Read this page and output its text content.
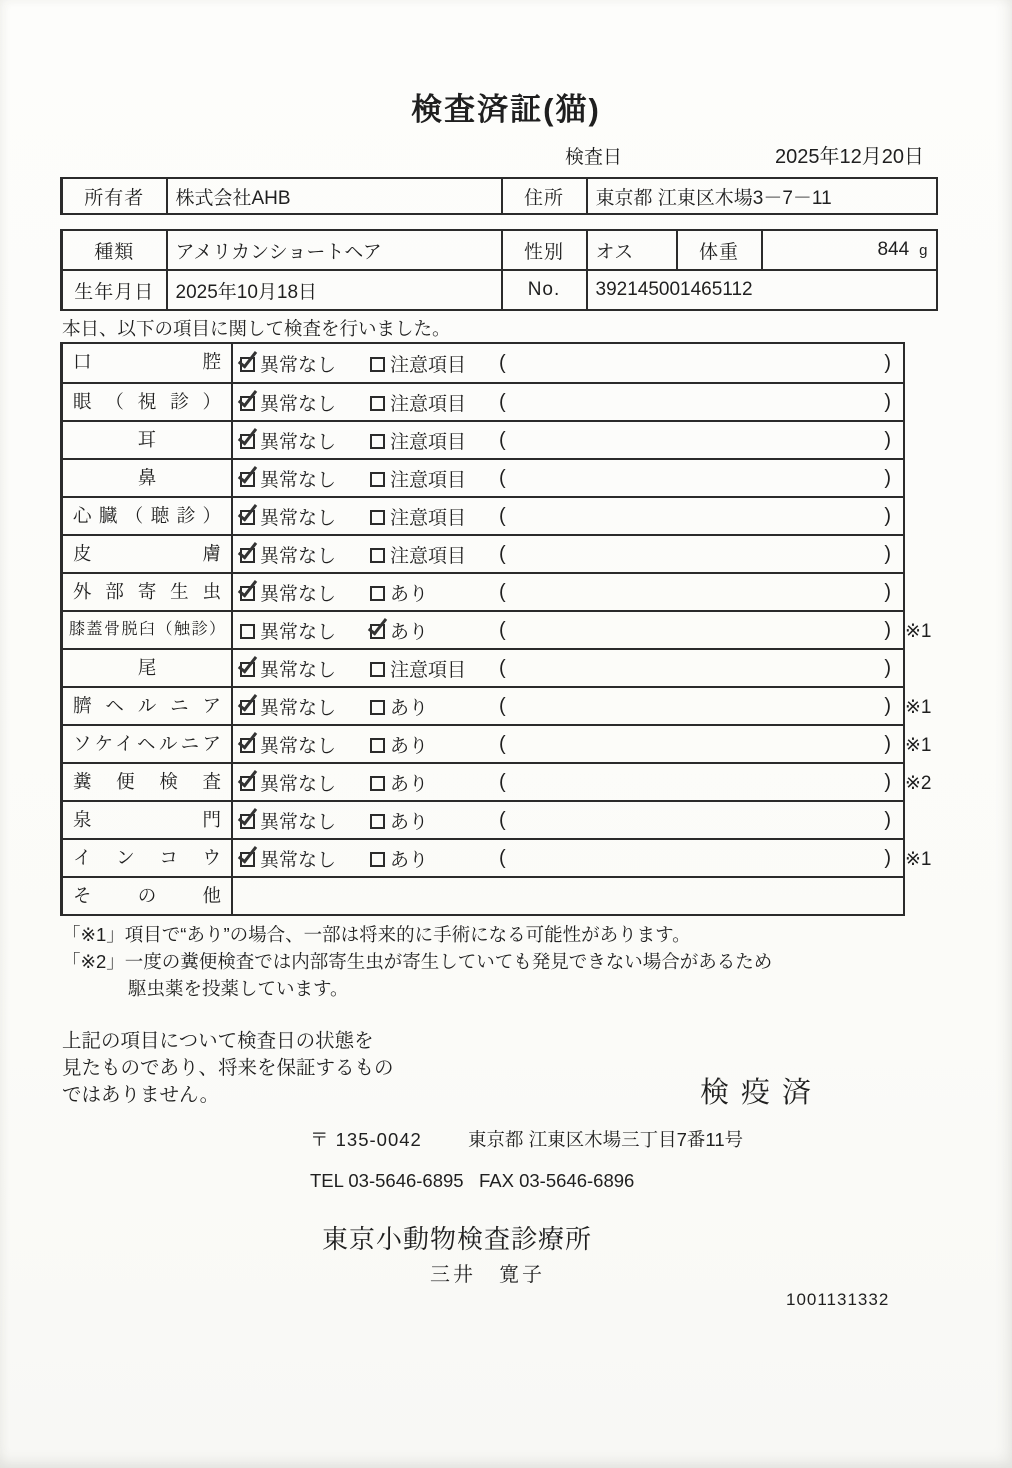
検査済証(猫)
検査日	2025年12月20日
所有者	株式会社AHB	住所	東京都 江東区木場3－7－11
種類	アメリカンショートヘア	性別	オス	体重	844 g
生年月日	2025年10月18日	No.	392145001465112		
本日、以下の項目に関して検査を行いました。
口腔	異常なし	注意項目 (	)
眼（視診）	異常なし	注意項目 (	)
耳	異常なし	注意項目 (	)
鼻	異常なし	注意項目 (	)
心臓（聴診）	異常なし	注意項目 (	)
皮膚	異常なし	注意項目 (	)
外部寄生虫	異常なし	あり	(	)
膝蓋骨脱臼（触診）	異常なし	あり	(	) ※1
尾	異常なし	注意項目 (	)
臍ヘルニア	異常なし	あり	(	) ※1
ソケイヘルニア	異常なし	あり	(	) ※1
糞便検査	異常なし	あり	(	) ※2
泉門	異常なし	あり	(	)
インコウ	異常なし	あり	(	) ※1
その他
「※1」項目で“あり”の場合、一部は将来的に手術になる可能性があります。
「※2」一度の糞便検査では内部寄生虫が寄生していても発見できない場合があるため
駆虫薬を投薬しています。
上記の項目について検査日の状態を
見たものであり、将来を保証するもの
ではありません。	検疫済
〒 135-0042 東京都 江東区木場三丁目7番11号
TEL 03-5646-6895   FAX 03-5646-6896
東京小動物検査診療所
三井　寛子
1001131332
